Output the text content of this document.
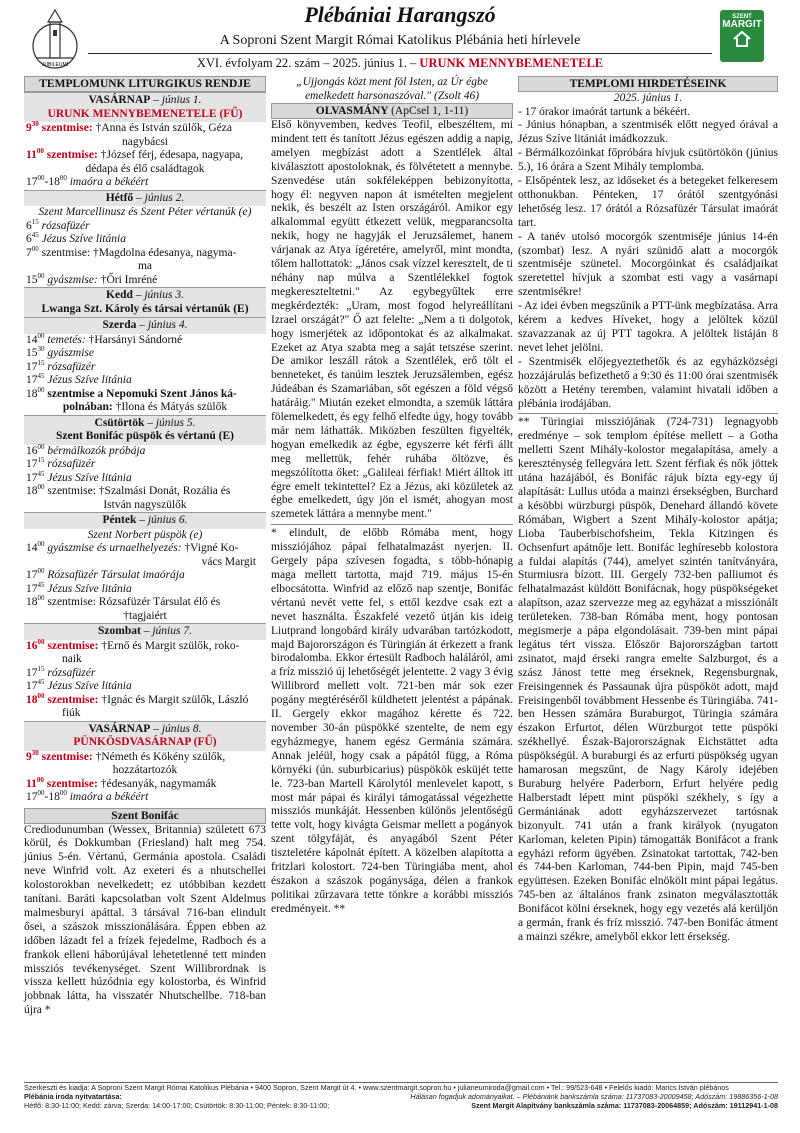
JUBILEUMI
Plébániai Harangszó
A Soproni Szent Margit Római Katolikus Plébánia heti hírlevele
XVI. évfolyam 22. szám – 2025. június 1. – URUNK MENNYBEMENETELE
SZENT
MARGIT
TEMPLOMUNK LITURGIKUS RENDJE
VASÁRNAP – június 1.
URUNK MENNYBEMENETELE (FŰ)
$9^{30}$ szentmise: †Anna és István szülők, Géza
nagybácsi
$11^{00}$ szentmise: †József férj, édesapa, nagyapa,
dédapa és élő családtagok
$17^{00}-18^{00}$ imaóra a békéért
Hétfő – június 2.
Szent Marcellinusz és Szent Péter vértanúk (e)
$6^{15}$ rózsafüzér
$6^{45}$ Jézus Szíve litánia
$7^{00}$ szentmise: †Magdolna édesanya, nagyma-
ma
$15^{00}$ gyászmise: †Őri Imréné
Kedd – június 3.
Lwanga Szt. Károly és társai vértanúk (E)
Szerda – június 4.
$14^{00}$ temetés: †Harsányi Sándorné
$15^{30}$ gyászmise
$17^{15}$ rózsafüzér
$17^{45}$ Jézus Szíve litánia
$18^{00}$ szentmise a Nepomuki Szent János ká-
polnában: †Ilona és Mátyás szülők
Csütörtök – június 5.
Szent Bonifác püspök és vértanú (E)
$16^{00}$ bérmálkozók próbája
$17^{15}$ rózsafüzér
$17^{45}$ Jézus Szíve litánia
$18^{00}$ szentmise: †Szalmási Donát, Rozália és
István nagyszülők
Péntek – június 6.
Szent Norbert püspök (e)
$14^{00}$ gyászmise és urnaelhelyezés: †Vigné Ko-
vács Margit
$17^{00}$ Rózsafüzér Társulat imaórája
$17^{45}$ Jézus Szíve litánia
$18^{00}$ szentmise: Rózsafüzér Társulat élő és
†tagjaiért
Szombat – június 7.
$16^{00}$ szentmise: †Ernő és Margit szülők, roko-
naik
$17^{15}$ rózsafüzér
$17^{45}$ Jézus Szíve litánia
$18^{00}$ szentmise: †Ignác és Margit szülők, László
fiúk
VASÁRNAP – június 8.
PÜNKÖSDVASÁRNAP (FŰ)
$9^{30}$ szentmise: †Németh és Kökény szülők,
hozzátartozók
$11^{00}$ szentmise: †édesanyák, nagymamák
$17^{00}-18^{00}$ imaóra a békéért
Szent Bonifác
Crediodunumban (Wessex, Britannia) született 673 körül, és Dokkumban (Friesland) halt meg 754. június 5-én. Vértanú, Germánia apostola. Családi neve Winfrid volt. Az exeteri és a nhutschellei kolostorokban nevelkedett; ez utóbbiban kezdett tanítani. Baráti kapcsolatban volt Szent Aldelmus malmesburyi apáttal. 3 társával 716-ban elindult ősei, a szászok misszionálására. Éppen ebben az időben lázadt fel a frízek fejedelme, Radboch és a frankok elleni háborújával lehetetlenné tett minden missziós tevékenységet. Szent Willibrordnak is vissza kellett húzódnia egy kolostorba, és Winfrid jobbnak látta, ha visszatér Nhutschellbe. 718-ban újra *
„Ujjongás közt ment föl Isten, az Úr égbe
emelkedett harsonaszóval." (Zsolt 46)
OLVASMÁNY (ApCsel 1, 1-11)
Első könyvemben, kedves Teofil, elbeszéltem, mi mindent tett és tanított Jézus egészen addig a napig, amelyen megbízást adott a Szentlélek által kiválasztott apostoloknak, és fölvétetett a mennybe. Szenvedése után sokféleképpen bebizonyította, hogy él: negyven napon át ismételten megjelent nekik, és beszélt az Isten országáról. Amikor egy alkalommal együtt étkezett velük, megparancsolta nekik, hogy ne hagyják el Jeruzsálemet, hanem várjanak az Atya ígéretére, amelyről, mint mondta, tőlem hallottatok: „János csak vízzel keresztelt, de ti néhány nap múlva a Szentlélekkel fogtok megkereszteltetni." Az egybegyűltek erre megkérdezték: „Uram, most fogod helyreállítani Izrael országát?" Ő azt felelte: „Nem a ti dolgotok, hogy ismerjétek az időpontokat és az alkalmakat. Ezeket az Atya szabta meg a saját tetszése szerint. De amikor leszáll rátok a Szentlélek, erő tölt el benneteket, és tanúim lesztek Jeruzsálemben, egész Júdeában és Szamariában, sőt egészen a föld végső határáig." Miután ezeket elmondta, a szemük láttára fölemelkedett, és egy felhő elfedte úgy, hogy tovább már nem láthatták. Miközben feszülten figyelték, hogyan emelkedik az égbe, egyszerre két férfi állt meg mellettük, fehér ruhába öltözve, és megszólította őket: „Galileai férfiak! Miért álltok itt égre emelt tekintettel? Ez a Jézus, aki közületek az égbe emelkedett, úgy jön el ismét, ahogyan most szemetek láttára a mennybe ment."
* elindult, de előbb Rómába ment, hogy missziójához pápai felhatalmazást nyerjen. II. Gergely pápa szívesen fogadta, s több-hónapig maga mellett tartotta, majd 719. május 15-én elbocsátotta. Winfrid az előző nap szentje, Bonifác vértanú nevét vette fel, s ettől kezdve csak ezt a nevet használta. Északfelé vezető útján kis ideig Liutprand longobárd király udvarában tartózkodott, majd Bajorországon és Türingián át érkezett a frank birodalomba. Ekkor értesült Radboch haláláról, ami a fríz misszió új lehetőségét jelentette. 2 vagy 3 évig Willibrord mellett volt. 721-ben már sok ezer pogány megtéréséről küldhetett jelentést a pápának. II. Gergely ekkor magához kérette és 722. november 30-án püspökké szentelte, de nem egy egyházmegye, hanem egész Germánia számára. Annak jeléül, hogy csak a pápától függ, a Róma környéki (ún. suburbicarius) püspökök esküjét tette le. 723-ban Martell Károlytól menlevelet kapott, s most már pápai és királyi támogatással végezhette missziós munkáját. Hessenben különös jelentőségű tette volt, hogy kivágta Geismar mellett a pogányok szent tölgyfáját, és anyagából Szent Péter tiszteletére kápolnát épített. A közelben alapította a fritzlari kolostort. 724-ben Türingiába ment, ahol északon a szászok pogánysága, délen a frankok politikai zűrzavara tette tönkre a korábbi missziós eredményeit. **
TEMPLOMI HIRDETÉSEINK
2025. június 1.
- 17 órakor imaórát tartunk a békéért.
- Június hónapban, a szentmisék előtt negyed órával a Jézus Szíve litániát imádkozzuk.
- Bérmálkozóinkat főpróbára hívjuk csütörtökön (június 5.), 16 órára a Szent Mihály templomba.
- Elsőpéntek lesz, az időseket és a betegeket felkeresem otthonukban. Pénteken, 17 órától szentgyónási lehetőség lesz. 17 órától a Rózsafüzér Társulat imaórát tart.
- A tanév utolsó mocorgók szentmiséje június 14-én (szombat) lesz. A nyári szünidő alatt a mocorgók szentmiséje szünetel. Mocorgóinkat és családjaikat szeretettel hívjuk a szombat esti vagy a vasárnapi szentmisékre!
- Az idei évben megszűnik a PTT-ünk megbízatása. Arra kérem a kedves Híveket, hogy a jelöltek közül szavazzanak az új PTT tagokra. A jelöltek listáján 8 nevet lehet jelölni.
- Szentmisék előjegyeztethetők és az egyházközségi hozzájárulás befizethető a 9:30 és 11:00 órai szentmisék között a Hetény teremben, valamint hivatali időben a plébánia irodájában.
** Türingiai missziójának (724-731) legnagyobb eredménye – sok templom építése mellett – a Gotha melletti Szent Mihály-kolostor megalapítása, amely a kereszténység fellegvára lett. Szent férfiak és nők jöttek utána hazájából, és Bonifác rájuk bízta egy-egy új alapítását: Lullus utóda a mainzi érsekségben, Burchard a késöbbi würzburgi püspök, Denehard állandó követe Rómában, Wigbert a Szent Mihály-kolostor apátja; Lioba Tauberbischofsheim, Tekla Kitzingen és Ochsenfurt apátnője lett. Bonifác leghíresebb kolostora a fuldai alapítás (744), amelyet szintén tanítványára, Sturmiusra bízott. III. Gergely 732-ben palliumot és felhatalmazást küldött Bonifácnak, hogy püspökségeket alapítson, azaz szervezze meg az egyházat a missziónált területeken. 738-ban Rómába ment, hogy pontosan megismerje a pápa elgondolásait. 739-ben mint pápai legátus tért vissza. Először Bajorországban tartott zsinatot, majd érseki rangra emelte Salzburgot, és a szász Jánost tette meg érseknek, Regensburgnak, Freisingennek és Passaunak újra püspököt adott, majd Freisingenből továbbment Hessenbe és Türingiába. 741-ben Hessen számára Buraburgot, Türingia számára északon Erfurtot, délen Würzburgot tette püspöki székhellyé. Észak-Bajorországnak Eichstättet adta püspökségül. A buraburgi és az erfurti püspökség ugyan hamarosan megszűnt, de Nagy Károly idejében Buraburg helyére Paderborn, Erfurt helyére pedig Halberstadt lépett mint püspöki székhely, s így a Germániának adott egyházszervezet tartósnak bizonyult. 741 után a frank királyok (nyugaton Karloman, keleten Pipin) támogatták Bonifácot a frank egyházi reform ügyében. Zsinatokat tartottak, 742-ben és 744-ben Karloman, 744-ben Pipin, majd 745-ben együttesen. Ezeken Bonifác elnökölt mint pápai legátus. 745-ben az általános frank zsinaton megválasztották Bonifácot kölni érseknek, hogy egy vezetés alá kerüljön a germán, frank és fríz misszió. 747-ben Bonifác átment a mainzi székre, amelyből ekkor lett érsekség.
Szerkeszti és kiadja: A Soproni Szent Margit Római Katolikus Plébánia • 9400 Sopron, Szent Margit út 4. • www.szentmargit.sopron.hu • julianeumiroda@gmail.com • Tel.: 99/523-648 • Felelős kiadó: Marics István plébános
Plébánia iroda nyitvatartása:	Hálásan fogadjuk adományaikat. – Plébániánk bankszámla száma: 11737083-20009458; Adószám: 19886356-1-08
Hétfő: 8:30-11:00; Kedd: zárva; Szerda: 14:00-17:00; Csütörtök: 8:30-11:00; Péntek: 8:30-11:00;	Szent Margit Alapítvány bankszámla száma: 11737083-20064859; Adószám: 19112941-1-08
